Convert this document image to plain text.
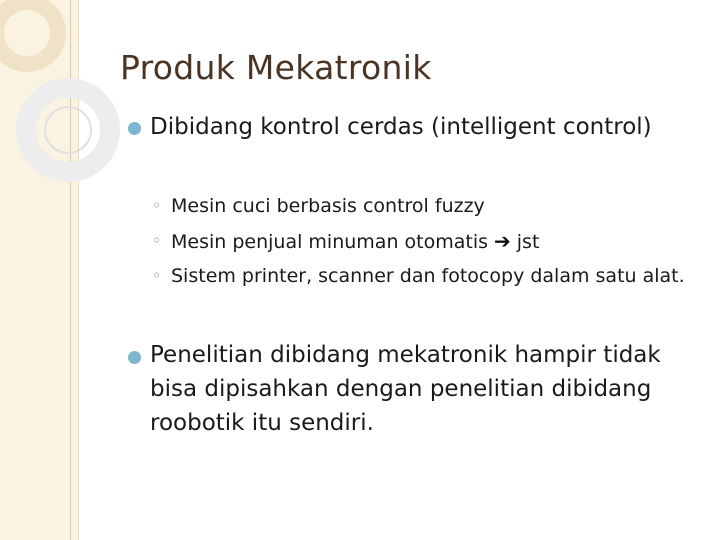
Produk Mekatronik
Dibidang kontrol cerdas (intelligent control)
◦ Mesin cuci berbasis control fuzzy
◦ Mesin penjual minuman otomatis ➔ jst
◦ Sistem printer, scanner dan fotocopy dalam satu alat.
Penelitian dibidang mekatronik hampir tidak bisa dipisahkan dengan penelitian dibidang roobotik itu sendiri.
